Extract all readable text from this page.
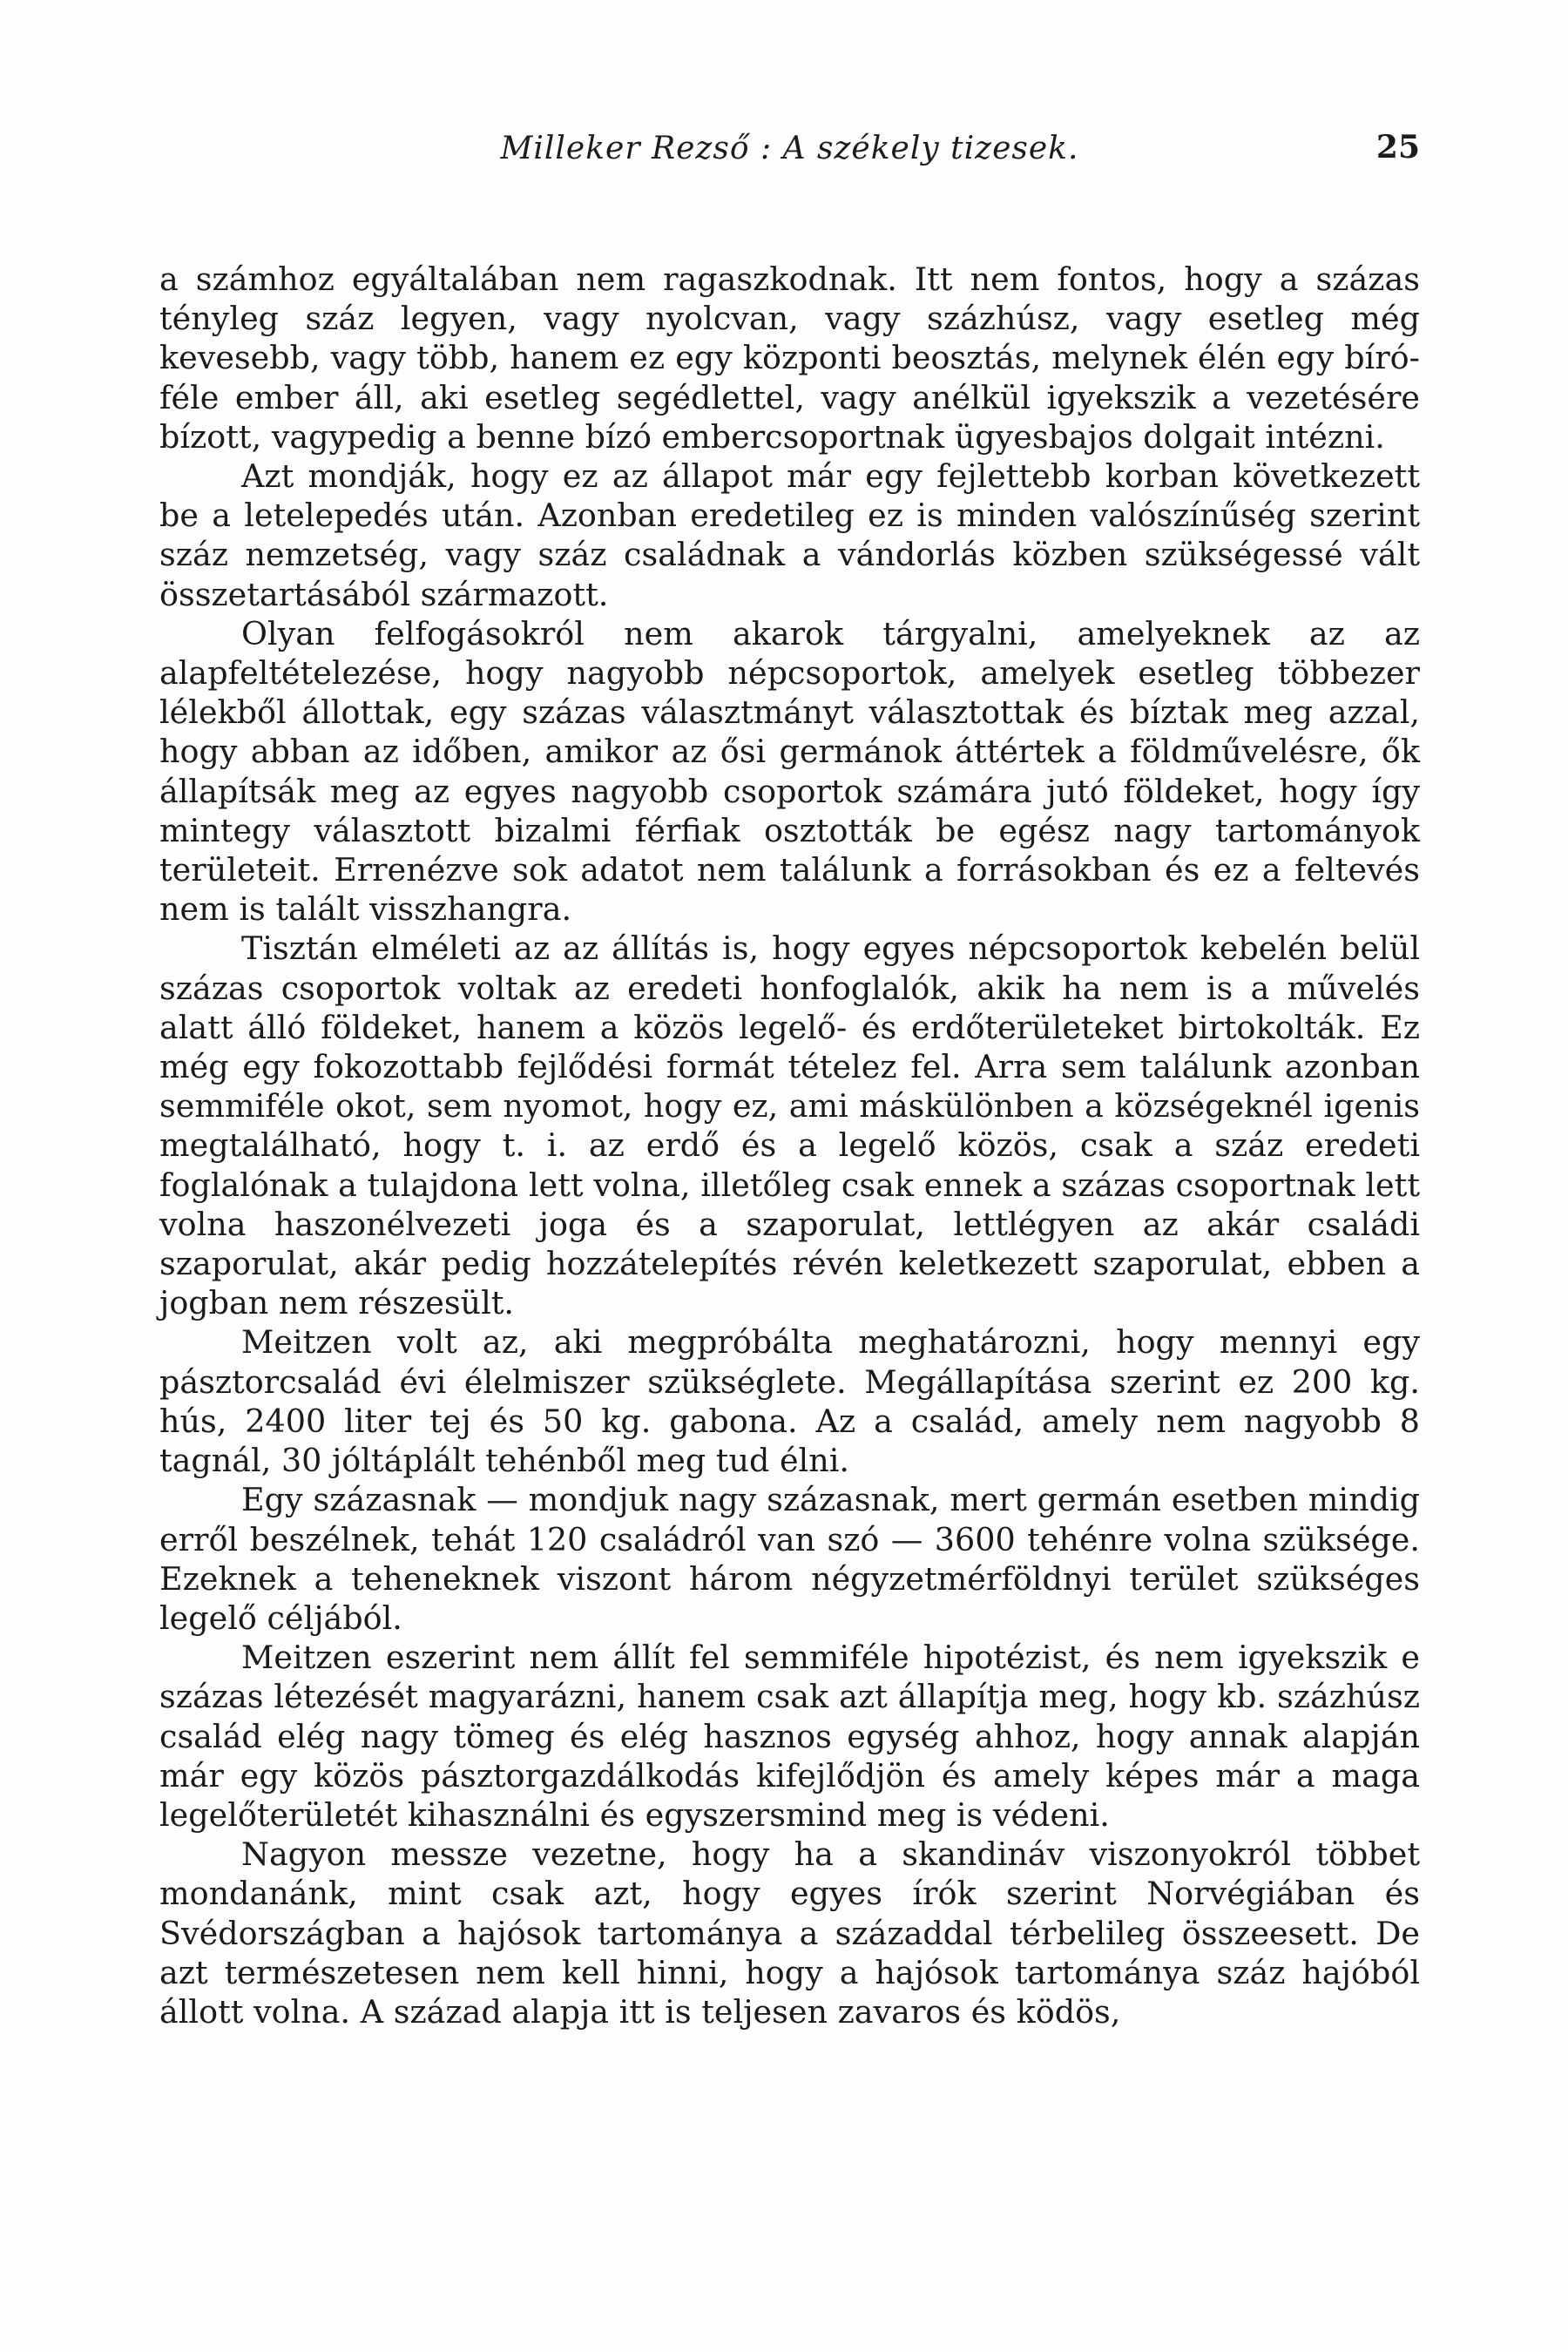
Milleker Rezső : A székely tizesek.	25

a számhoz egyáltalában nem ragaszkodnak. Itt nem fontos, hogy a százas tényleg száz legyen, vagy nyolcvan, vagy százhúsz, vagy esetleg még kevesebb, vagy több, hanem ez egy központi beosztás, melynek élén egy bíró-féle ember áll, aki esetleg segédlettel, vagy anélkül igyekszik a vezetésére bízott, vagypedig a benne bízó embercsoportnak ügyesbajos dolgait intézni.

Azt mondják, hogy ez az állapot már egy fejlettebb korban következett be a letelepedés után. Azonban eredetileg ez is minden valószínűség szerint száz nemzetség, vagy száz családnak a vándorlás közben szükségessé vált összetartásából származott.

Olyan felfogásokról nem akarok tárgyalni, amelyeknek az az alapfeltételezése, hogy nagyobb népcsoportok, amelyek esetleg többezer lélekből állottak, egy százas választmányt választottak és bíztak meg azzal, hogy abban az időben, amikor az ősi germánok áttértek a földművelésre, ők állapítsák meg az egyes nagyobb csoportok számára jutó földeket, hogy így mintegy választott bizalmi férfiak osztották be egész nagy tartományok területeit. Errenézve sok adatot nem találunk a forrásokban és ez a feltevés nem is talált visszhangra.

Tisztán elméleti az az állítás is, hogy egyes népcsoportok kebelén belül százas csoportok voltak az eredeti honfoglalók, akik ha nem is a művelés alatt álló földeket, hanem a közös legelő- és erdőterületeket birtokolták. Ez még egy fokozottabb fejlődési formát tételez fel. Arra sem találunk azonban semmiféle okot, sem nyomot, hogy ez, ami máskülönben a községeknél igenis megtalálható, hogy t. i. az erdő és a legelő közös, csak a száz eredeti foglalónak a tulajdona lett volna, illetőleg csak ennek a százas csoportnak lett volna haszonélvezeti joga és a szaporulat, lettlégyen az akár családi szaporulat, akár pedig hozzátelepítés révén keletkezett szaporulat, ebben a jogban nem részesült.

Meitzen volt az, aki megpróbálta meghatározni, hogy mennyi egy pásztorcsalád évi élelmiszer szükséglete. Megállapítása szerint ez 200 kg. hús, 2400 liter tej és 50 kg. gabona. Az a család, amely nem nagyobb 8 tagnál, 30 jóltáplált tehénből meg tud élni.

Egy százasnak — mondjuk nagy százasnak, mert germán esetben mindig erről beszélnek, tehát 120 családról van szó — 3600 tehénre volna szüksége. Ezeknek a teheneknek viszont három négyzetmérföldnyi terület szükséges legelő céljából.

Meitzen eszerint nem állít fel semmiféle hipotézist, és nem igyekszik e százas létezését magyarázni, hanem csak azt állapítja meg, hogy kb. százhúsz család elég nagy tömeg és elég hasznos egység ahhoz, hogy annak alapján már egy közös pásztorgazdálkodás kifejlődjön és amely képes már a maga legelőterületét kihasználni és egyszersmind meg is védeni.

Nagyon messze vezetne, hogy ha a skandináv viszonyokról többet mondanánk, mint csak azt, hogy egyes írók szerint Norvégiában és Svédországban a hajósok tartománya a századdal térbelileg összeesett. De azt természetesen nem kell hinni, hogy a hajósok tartománya száz hajóból állott volna. A század alapja itt is teljesen zavaros és ködös,
